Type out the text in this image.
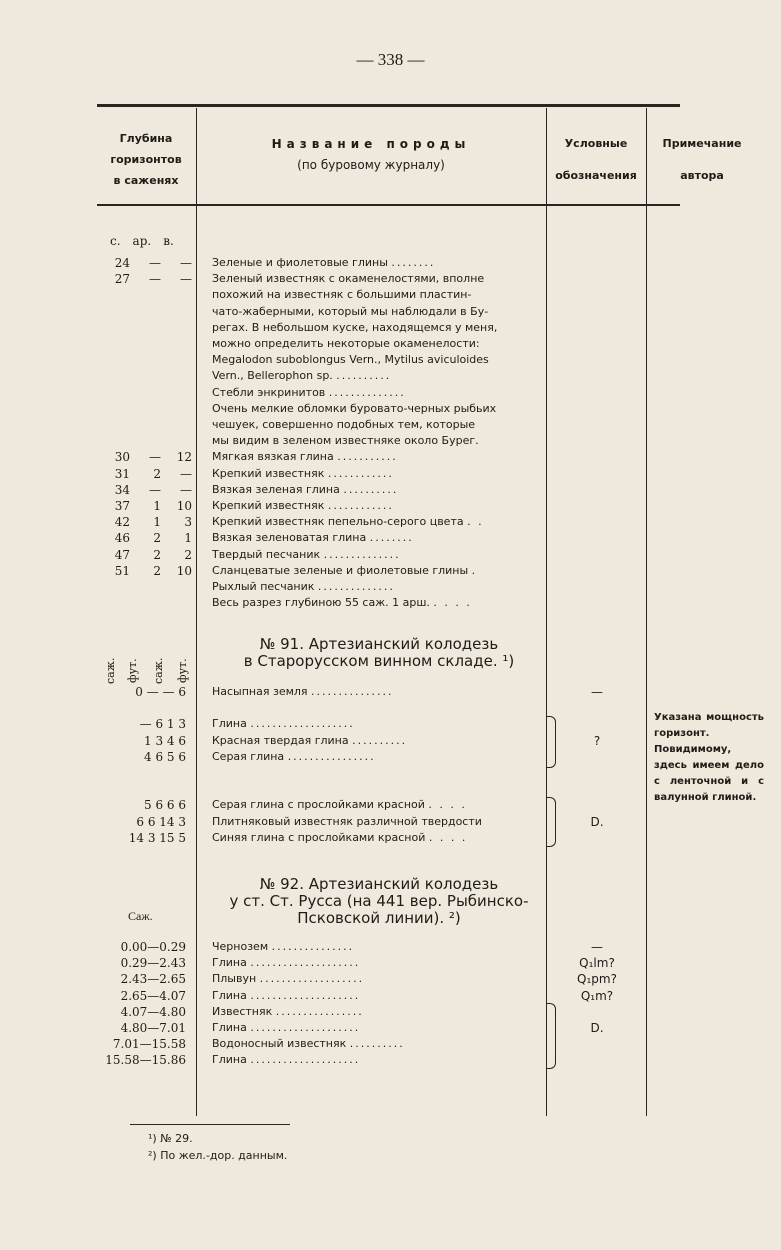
— 338 —
Глубина
горизонтов
в саженях
Название породы
(по буровому журналу)
Условные
обозначения
Примечание
автора
с. ар. в.
24	—	— Зеленые и фиолетовые глины ........
27	—	— Зеленый известняк с окаменелостями, вполне
похожий на известняк с большими пластин-
чато-жаберными, который мы наблюдали в Бу-
регах. В небольшом куске, находящемся у меня,
можно определить некоторые окаменелости:
Megalodon suboblongus Vern., Mytilus aviculoides
Vern., Bellerophon sp. ..........
Стебли энкринитов ..............
Очень мелкие обломки буровато-черных рыбьих
чешуек, совершенно подобных тем, которые
мы видим в зеленом известняке около Бурег.
30	—	12 Мягкая вязкая глина ...........
31	2	— Крепкий известняк ............
34	—	— Вязкая зеленая глина ..........
37	1	10 Крепкий известняк ............
42	1	3 Крепкий известняк пепельно-серого цвета . .
46	2	1 Вязкая зеленоватая глина ........
47	2	2 Твердый песчаник ..............
51	2	10 Сланцеватые зеленые и фиолетовые глины .
Рыхлый песчаник ..............
Весь разрез глубиною 55 саж. 1 арш. . . . .
№ 91. Артезианский колодезь
в Старорусском винном складе. ¹)
саж. фут.	саж.	фут.
0 — — 6	Насыпная земля ...............	—
— 6 1 3	Глина ...................
1 3 4 6	Красная твердая глина ..........	?
4 6 5 6	Серая глина ................
5 6 6 6	Серая глина с прослойками красной . . . .
6 6 14 3	Плитняковый известняк различной твердости	D.
14 3 15 5	Синяя глина с прослойками красной . . . .
Указана мощность горизонт. Повидимому, здесь имеем дело с ленточной и с валунной глиной.
№ 92. Артезианский колодезь
у ст. Ст. Русса (на 441 вер. Рыбинско-
Псковской линии). ²)
Саж.
0.00—0.29	Чернозем ...............	—
0.29—2.43	Глина ....................	Q₁lm?
2.43—2.65	Плывун ...................	Q₁pm?
2.65—4.07	Глина ....................	Q₁m?
4.07—4.80	Известняк ................
4.80—7.01	Глина ....................	D.
7.01—15.58	Водоносный известняк ..........
15.58—15.86	Глина ....................
¹) № 29.
²) По жел.-дор. данным.
